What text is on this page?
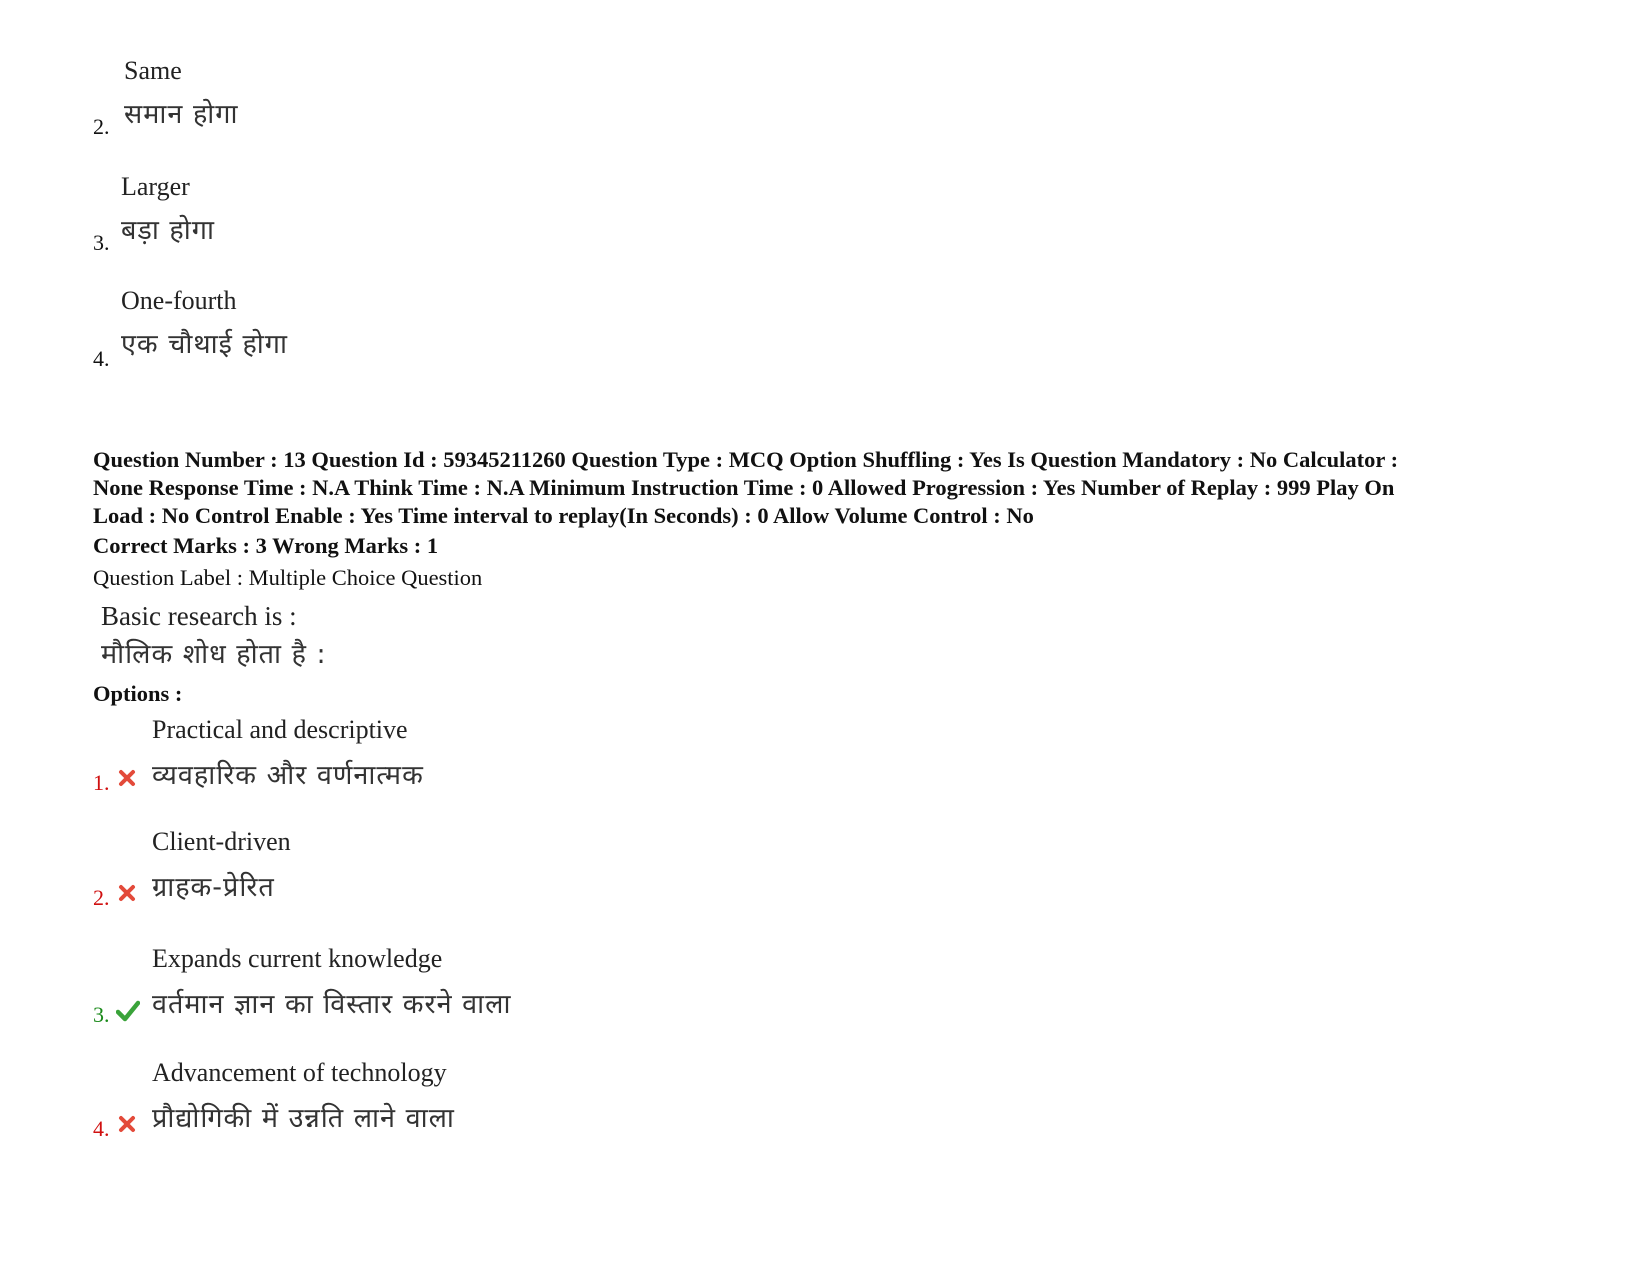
Same
समान होगा
2.
Larger
बड़ा होगा
3.
One-fourth
एक चौथाई होगा
4.
Question Number : 13 Question Id : 59345211260 Question Type : MCQ Option Shuffling : Yes Is Question Mandatory : No Calculator :
None Response Time : N.A Think Time : N.A Minimum Instruction Time : 0 Allowed Progression : Yes Number of Replay : 999 Play On
Load : No Control Enable : Yes Time interval to replay(In Seconds) : 0 Allow Volume Control : No
Correct Marks : 3 Wrong Marks : 1
Question Label : Multiple Choice Question
Basic research is :
मौलिक शोध होता है :
Options :
Practical and descriptive
व्यवहारिक और वर्णनात्मक
1.
Client-driven
ग्राहक-प्रेरित
2.
Expands current knowledge
वर्तमान ज्ञान का विस्तार करने वाला
3.
Advancement of technology
प्रौद्योगिकी में उन्नति लाने वाला
4.
